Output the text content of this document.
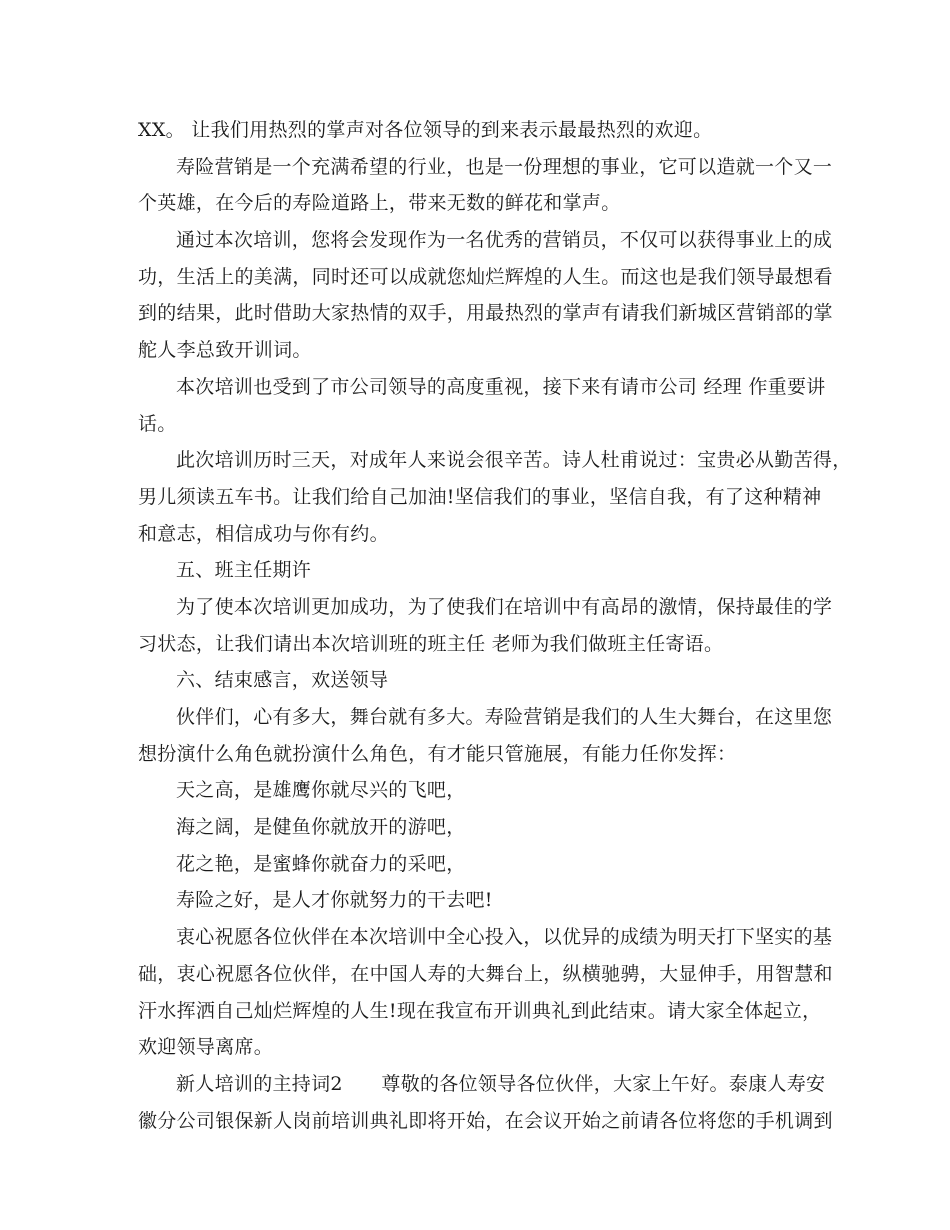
XX。 让我们用热烈的掌声对各位领导的到来表示最最热烈的欢迎。
寿险营销是一个充满希望的行业，也是一份理想的事业，它可以造就一个又一
个英雄，在今后的寿险道路上，带来无数的鲜花和掌声。
通过本次培训，您将会发现作为一名优秀的营销员，不仅可以获得事业上的成
功，生活上的美满，同时还可以成就您灿烂辉煌的人生。而这也是我们领导最想看
到的结果，此时借助大家热情的双手，用最热烈的掌声有请我们新城区营销部的掌
舵人李总致开训词。
本次培训也受到了市公司领导的高度重视，接下来有请市公司 经理 作重要讲
话。
此次培训历时三天，对成年人来说会很辛苦。诗人杜甫说过：宝贵必从勤苦得，
男儿须读五车书。让我们给自己加油!坚信我们的事业，坚信自我，有了这种精神
和意志，相信成功与你有约。
五、班主任期许
为了使本次培训更加成功，为了使我们在培训中有高昂的激情，保持最佳的学
习状态，让我们请出本次培训班的班主任 老师为我们做班主任寄语。
六、结束感言，欢送领导
伙伴们，心有多大，舞台就有多大。寿险营销是我们的人生大舞台，在这里您
想扮演什么角色就扮演什么角色，有才能只管施展，有能力任你发挥：
天之高，是雄鹰你就尽兴的飞吧，
海之阔，是健鱼你就放开的游吧，
花之艳，是蜜蜂你就奋力的采吧，
寿险之好，是人才你就努力的干去吧!
衷心祝愿各位伙伴在本次培训中全心投入，以优异的成绩为明天打下坚实的基
础，衷心祝愿各位伙伴，在中国人寿的大舞台上，纵横驰骋，大显伸手，用智慧和
汗水挥洒自己灿烂辉煌的人生!现在我宣布开训典礼到此结束。请大家全体起立，
欢迎领导离席。
新人培训的主持词2　　尊敬的各位领导各位伙伴，大家上午好。泰康人寿安
徽分公司银保新人岗前培训典礼即将开始，在会议开始之前请各位将您的手机调到
